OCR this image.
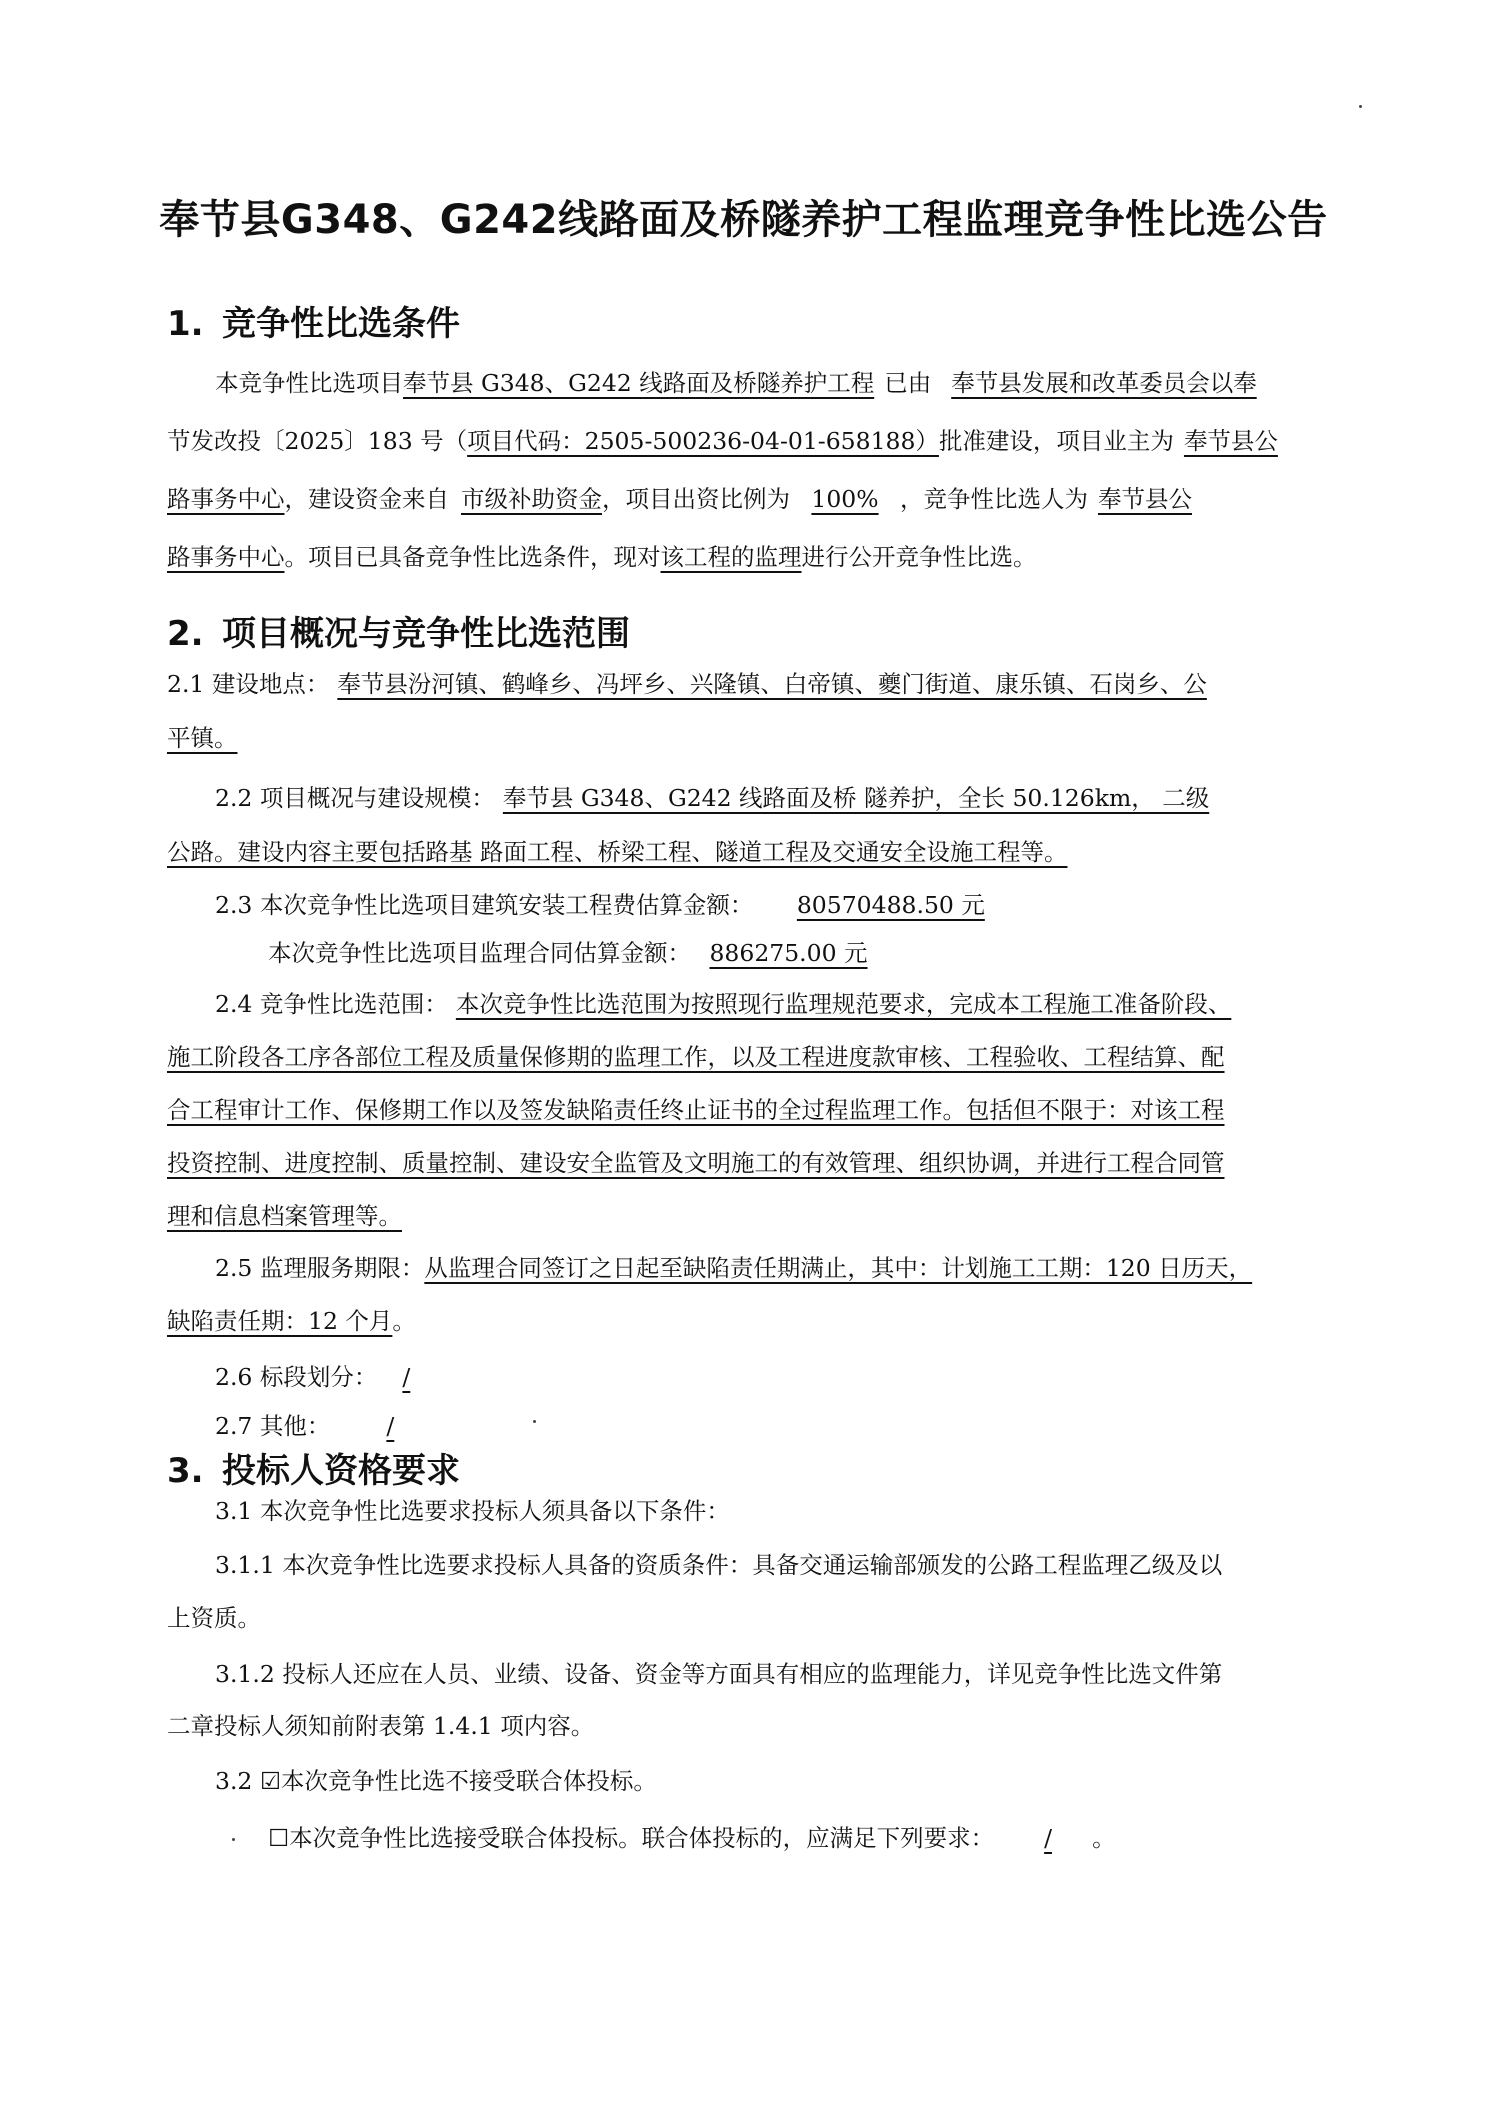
奉节县G348、G242线路面及桥隧养护工程监理竞争性比选公告
1. 竞争性比选条件
本竞争性比选项目奉节县 G348、G242 线路面及桥隧养护工程 已由 奉节县发展和改革委员会以奉
节发改投〔2025〕183 号（项目代码：2505-500236-04-01-658188）批准建设，项目业主为 奉节县公
路事务中心，建设资金来自 市级补助资金，项目出资比例为 100% ，竞争性比选人为 奉节县公
路事务中心。项目已具备竞争性比选条件，现对该工程的监理进行公开竞争性比选。
2. 项目概况与竞争性比选范围
2.1 建设地点： 奉节县汾河镇、鹤峰乡、冯坪乡、兴隆镇、白帝镇、夔门街道、康乐镇、石岗乡、公
平镇。
2.2 项目概况与建设规模： 奉节县 G348、G242 线路面及桥 隧养护，全长 50.126km， 二级
公路。建设内容主要包括路基 路面工程、桥梁工程、隧道工程及交通安全设施工程等。
2.3 本次竞争性比选项目建筑安装工程费估算金额： 80570488.50 元
本次竞争性比选项目监理合同估算金额： 886275.00 元
2.4 竞争性比选范围： 本次竞争性比选范围为按照现行监理规范要求，完成本工程施工准备阶段、
施工阶段各工序各部位工程及质量保修期的监理工作，以及工程进度款审核、工程验收、工程结算、配
合工程审计工作、保修期工作以及签发缺陷责任终止证书的全过程监理工作。包括但不限于：对该工程
投资控制、进度控制、质量控制、建设安全监管及文明施工的有效管理、组织协调，并进行工程合同管
理和信息档案管理等。
2.5 监理服务期限：从监理合同签订之日起至缺陷责任期满止，其中：计划施工工期：120 日历天，
缺陷责任期：12 个月。
2.6 标段划分： /
2.7 其他： /
3. 投标人资格要求
3.1 本次竞争性比选要求投标人须具备以下条件：
3.1.1 本次竞争性比选要求投标人具备的资质条件：具备交通运输部颁发的公路工程监理乙级及以
上资质。
3.1.2 投标人还应在人员、业绩、设备、资金等方面具有相应的监理能力，详见竞争性比选文件第
二章投标人须知前附表第 1.4.1 项内容。
3.2 ☑本次竞争性比选不接受联合体投标。
☐本次竞争性比选接受联合体投标。联合体投标的，应满足下列要求： / 。
